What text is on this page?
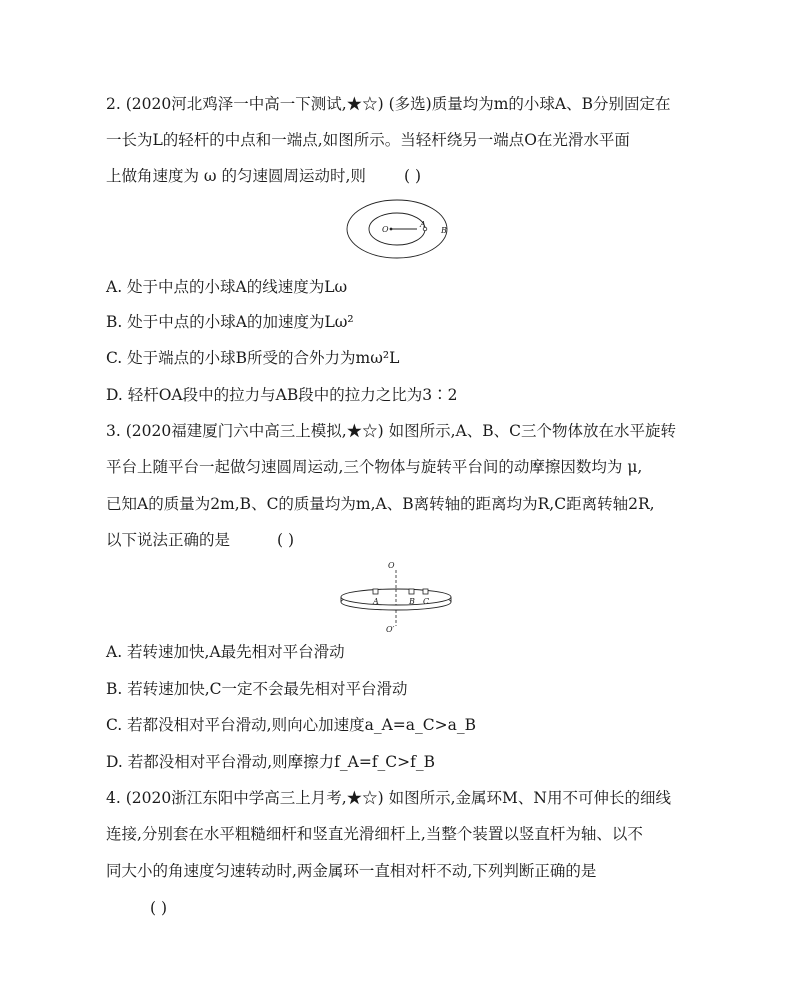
2. (2020河北鸡泽一中高一下测试,★☆) (多选)质量均为m的小球A、B分别固定在
一长为L的轻杆的中点和一端点,如图所示。当轻杆绕另一端点O在光滑水平面
上做角速度为 ω 的匀速圆周运动时,则 ( )
O
A
B
A. 处于中点的小球A的线速度为Lω
B. 处于中点的小球A的加速度为Lω²
C. 处于端点的小球B所受的合外力为mω²L
D. 轻杆OA段中的拉力与AB段中的拉力之比为3∶2
3. (2020福建厦门六中高三上模拟,★☆) 如图所示,A、B、C三个物体放在水平旋转
平台上随平台一起做匀速圆周运动,三个物体与旋转平台间的动摩擦因数均为 μ,
已知A的质量为2m,B、C的质量均为m,A、B离转轴的距离均为R,C距离转轴2R,
以下说法正确的是	( )
O
O′
A	B C
A. 若转速加快,A最先相对平台滑动
B. 若转速加快,C一定不会最先相对平台滑动
C. 若都没相对平台滑动,则向心加速度a_A=a_C>a_B
D. 若都没相对平台滑动,则摩擦力f_A=f_C>f_B
4. (2020浙江东阳中学高三上月考,★☆) 如图所示,金属环M、N用不可伸长的细线
连接,分别套在水平粗糙细杆和竖直光滑细杆上,当整个装置以竖直杆为轴、以不
同大小的角速度匀速转动时,两金属环一直相对杆不动,下列判断正确的是
( )
